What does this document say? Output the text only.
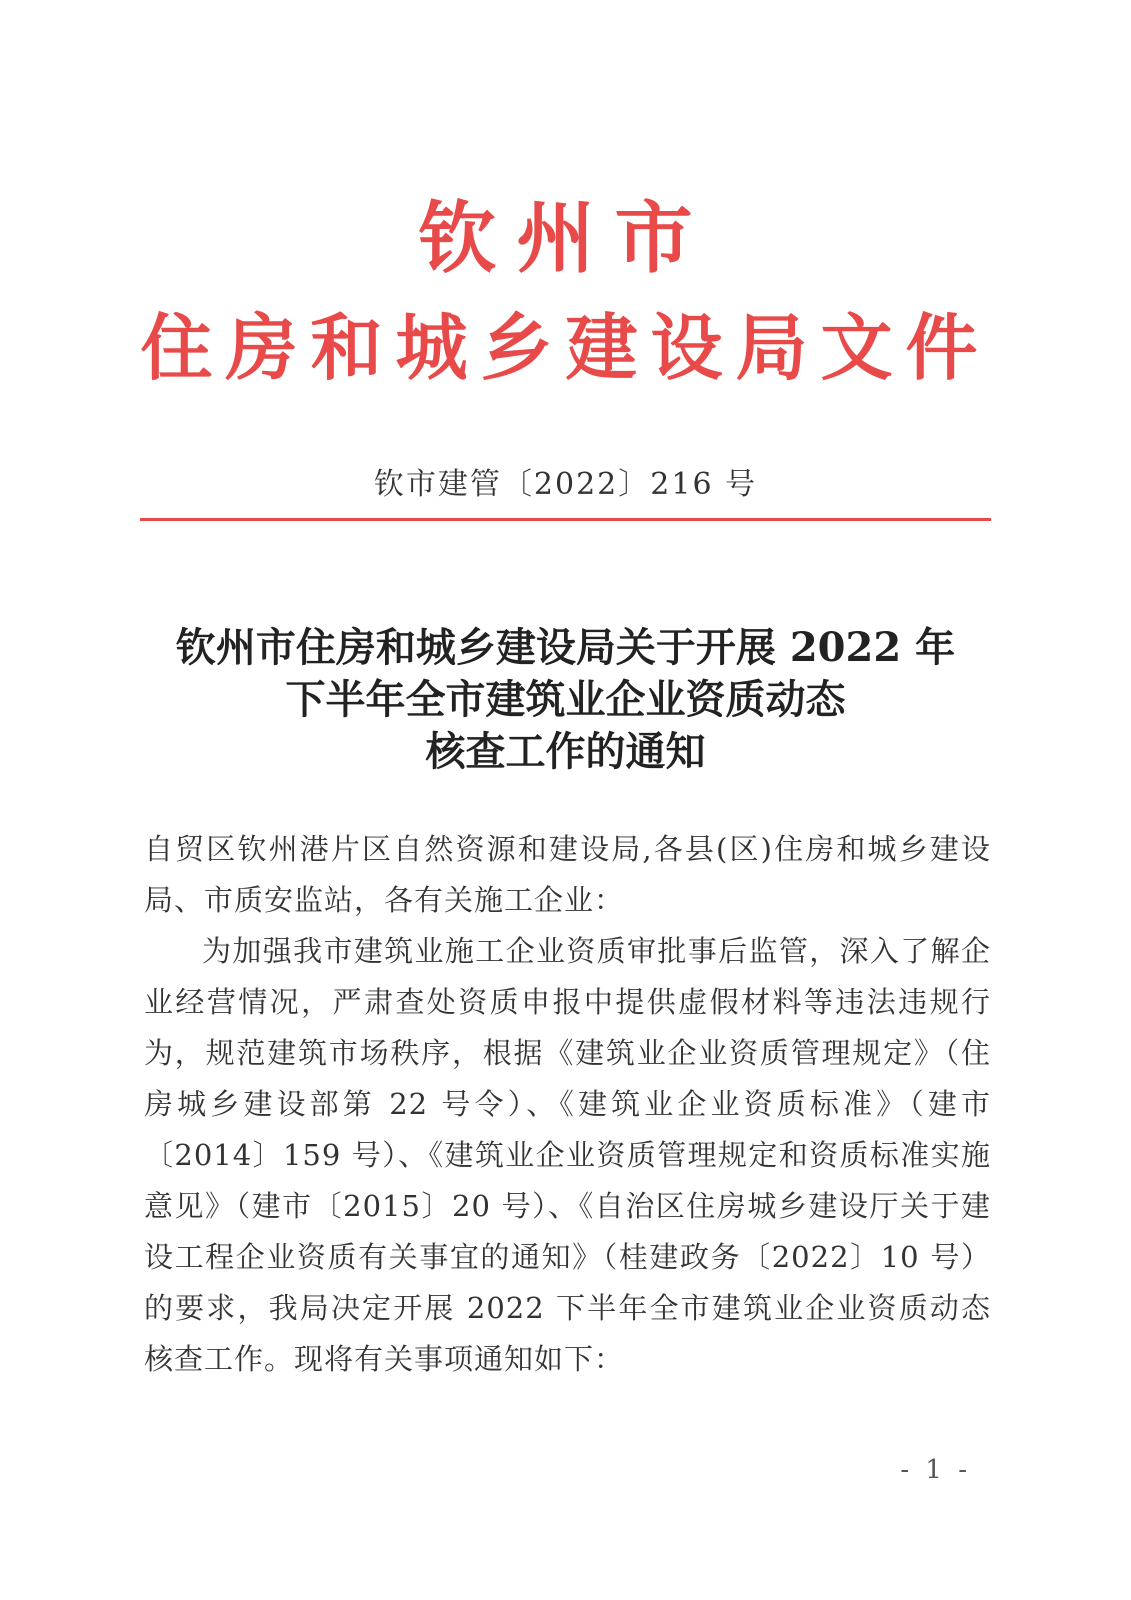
钦州市
住房和城乡建设局文件
钦市建管〔2022〕216 号
钦州市住房和城乡建设局关于开展 2022 年
下半年全市建筑业企业资质动态
核查工作的通知

自贸区钦州港片区自然资源和建设局,各县(区)住房和城乡建设局、市质安监站，各有关施工企业：

为加强我市建筑业施工企业资质审批事后监管，深入了解企业经营情况，严肃查处资质申报中提供虚假材料等违法违规行为，规范建筑市场秩序，根据《建筑业企业资质管理规定》（住房城乡建设部第 22 号令）、《建筑业企业资质标准》（建市〔2014〕159 号）、《建筑业企业资质管理规定和资质标准实施意见》（建市〔2015〕20 号）、《自治区住房城乡建设厅关于建设工程企业资质有关事宜的通知》（桂建政务〔2022〕10 号）的要求，我局决定开展 2022 下半年全市建筑业企业资质动态核查工作。现将有关事项通知如下：

- 1 -
